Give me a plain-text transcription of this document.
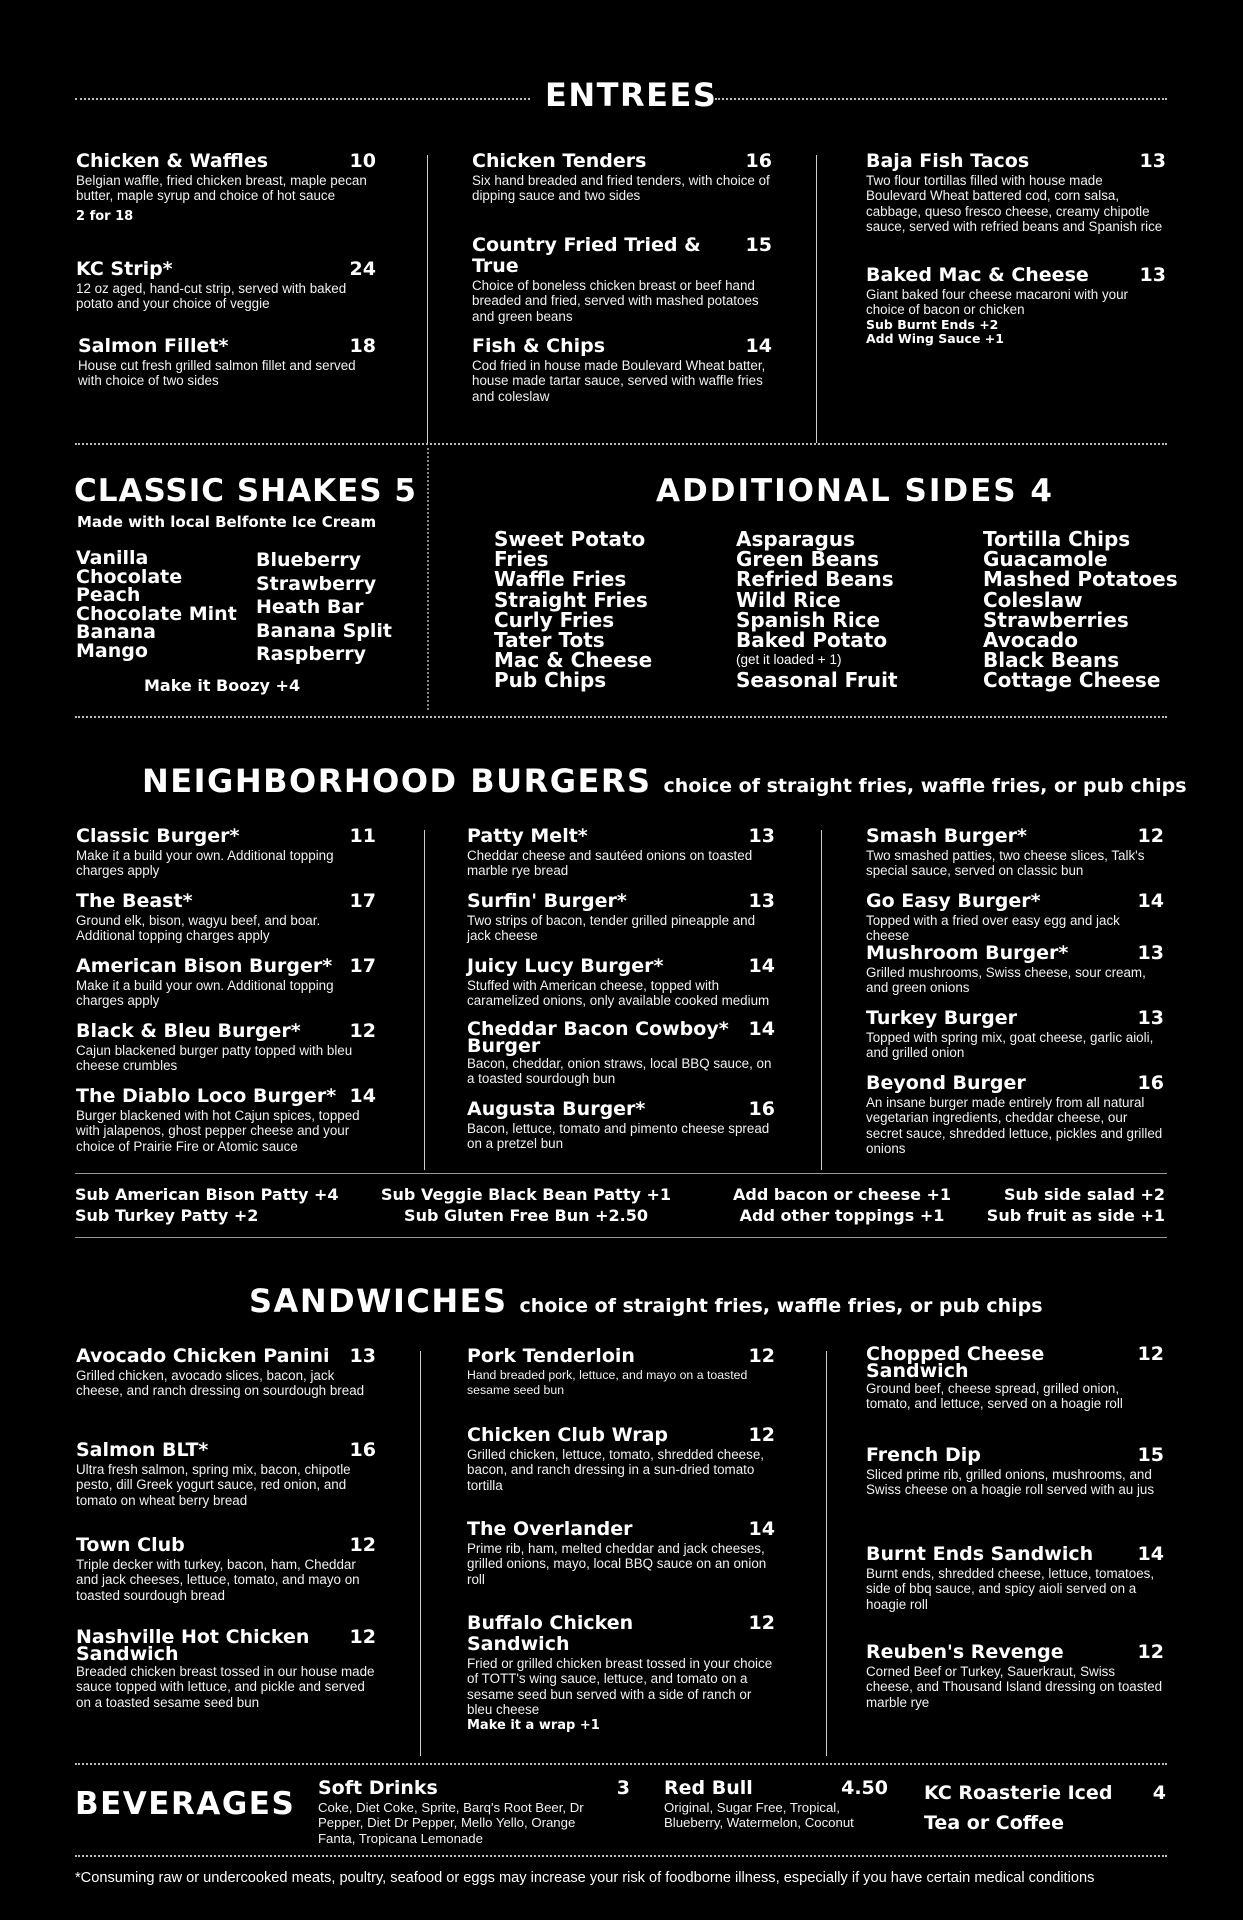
ENTREES
Chicken & Waffles	10
Belgian waffle, fried chicken breast, maple pecan butter, maple syrup and choice of hot sauce
2 for 18
KC Strip*	24
12 oz aged, hand-cut strip, served with baked potato and your choice of veggie
Salmon Fillet*	18
House cut fresh grilled salmon fillet and served with choice of two sides
Chicken Tenders	16
Six hand breaded and fried tenders, with choice of dipping sauce and two sides
Country Fried Tried & True
15
Choice of boneless chicken breast or beef hand breaded and fried, served with mashed potatoes and green beans
Fish & Chips	14
Cod fried in house made Boulevard Wheat batter, house made tartar sauce, served with waffle fries and coleslaw
Baja Fish Tacos	13
Two flour tortillas filled with house made Boulevard Wheat battered cod, corn salsa, cabbage, queso fresco cheese, creamy chipotle sauce, served with refried beans and Spanish rice
Baked Mac & Cheese	13
Giant baked four cheese macaroni with your choice of bacon or chicken
Sub Burnt Ends +2
Add Wing Sauce +1
CLASSIC SHAKES 5
Made with local Belfonte Ice Cream
Vanilla
Chocolate
Peach
Chocolate Mint
Banana
Mango
Blueberry
Strawberry
Heath Bar
Banana Split
Raspberry
Make it Boozy +4
ADDITIONAL SIDES 4
Sweet Potato
Fries
Waffle Fries
Straight Fries
Curly Fries
Tater Tots
Mac & Cheese
Pub Chips
Asparagus
Green Beans
Refried Beans
Wild Rice
Spanish Rice
Baked Potato
(get it loaded + 1)
Seasonal Fruit
Tortilla Chips
Guacamole
Mashed Potatoes
Coleslaw
Strawberries
Avocado
Black Beans
Cottage Cheese
NEIGHBORHOOD BURGERS choice of straight fries, waffle fries, or pub chips
Classic Burger*	11
Make it a build your own. Additional topping charges apply
The Beast*	17
Ground elk, bison, wagyu beef, and boar. Additional topping charges apply
American Bison Burger* 17
Make it a build your own. Additional topping charges apply
Black & Bleu Burger*	12
Cajun blackened burger patty topped with bleu cheese crumbles
The Diablo Loco Burger* 14
Burger blackened with hot Cajun spices, topped with jalapenos, ghost pepper cheese and your choice of Prairie Fire or Atomic sauce
Patty Melt*	13
Cheddar cheese and sautéed onions on toasted marble rye bread
Surfin' Burger*	13
Two strips of bacon, tender grilled pineapple and jack cheese
Juicy Lucy Burger*	14
Stuffed with American cheese, topped with caramelized onions, only available cooked medium
Cheddar Bacon Cowboy* Burger
14
Bacon, cheddar, onion straws, local BBQ sauce, on a toasted sourdough bun
Augusta Burger*	16
Bacon, lettuce, tomato and pimento cheese spread on a pretzel bun
Smash Burger*	12
Two smashed patties, two cheese slices, Talk's special sauce, served on classic bun
Go Easy Burger*	14
Topped with a fried over easy egg and jack cheese
Mushroom Burger*	13
Grilled mushrooms, Swiss cheese, sour cream, and green onions
Turkey Burger	13
Topped with spring mix, goat cheese, garlic aioli, and grilled onion
Beyond Burger	16
An insane burger made entirely from all natural vegetarian ingredients, cheddar cheese, our secret sauce, shredded lettuce, pickles and grilled onions
Sub American Bison Patty +4
Sub Turkey Patty +2
Sub Veggie Black Bean Patty +1
Sub Gluten Free Bun +2.50
Add bacon or cheese +1
Add other toppings +1
Sub side salad +2
Sub fruit as side +1
SANDWICHES choice of straight fries, waffle fries, or pub chips
Avocado Chicken Panini	13
Grilled chicken, avocado slices, bacon, jack cheese, and ranch dressing on sourdough bread
Salmon BLT*	16
Ultra fresh salmon, spring mix, bacon, chipotle pesto, dill Greek yogurt sauce, red onion, and tomato on wheat berry bread
Town Club	12
Triple decker with turkey, bacon, ham, Cheddar and jack cheeses, lettuce, tomato, and mayo on toasted sourdough bread
Nashville Hot Chicken Sandwich
12
Breaded chicken breast tossed in our house made sauce topped with lettuce, and pickle and served on a toasted sesame seed bun
Pork Tenderloin	12
Hand breaded pork, lettuce, and mayo on a toasted sesame seed bun
Chicken Club Wrap	12
Grilled chicken, lettuce, tomato, shredded cheese, bacon, and ranch dressing in a sun-dried tomato tortilla
The Overlander	14
Prime rib, ham, melted cheddar and jack cheeses, grilled onions, mayo, local BBQ sauce on an onion roll
Buffalo Chicken Sandwich
12
Fried or grilled chicken breast tossed in your choice of TOTT's wing sauce, lettuce, and tomato on a sesame seed bun served with a side of ranch or bleu cheese
Make it a wrap +1
Chopped Cheese Sandwich
12
Ground beef, cheese spread, grilled onion, tomato, and lettuce, served on a hoagie roll
French Dip	15
Sliced prime rib, grilled onions, mushrooms, and Swiss cheese on a hoagie roll served with au jus
Burnt Ends Sandwich	14
Burnt ends, shredded cheese, lettuce, tomatoes, side of bbq sauce, and spicy aioli served on a hoagie roll
Reuben's Revenge	12
Corned Beef or Turkey, Sauerkraut, Swiss cheese, and Thousand Island dressing on toasted marble rye
BEVERAGES Soft Drinks	3
Coke, Diet Coke, Sprite, Barq's Root Beer, Dr Pepper, Diet Dr Pepper, Mello Yello, Orange Fanta, Tropicana Lemonade
Red Bull	4.50
Original, Sugar Free, Tropical, Blueberry, Watermelon, Coconut
KC Roasterie Iced Tea or Coffee
4
*Consuming raw or undercooked meats, poultry, seafood or eggs may increase your risk of foodborne illness, especially if you have certain medical conditions
